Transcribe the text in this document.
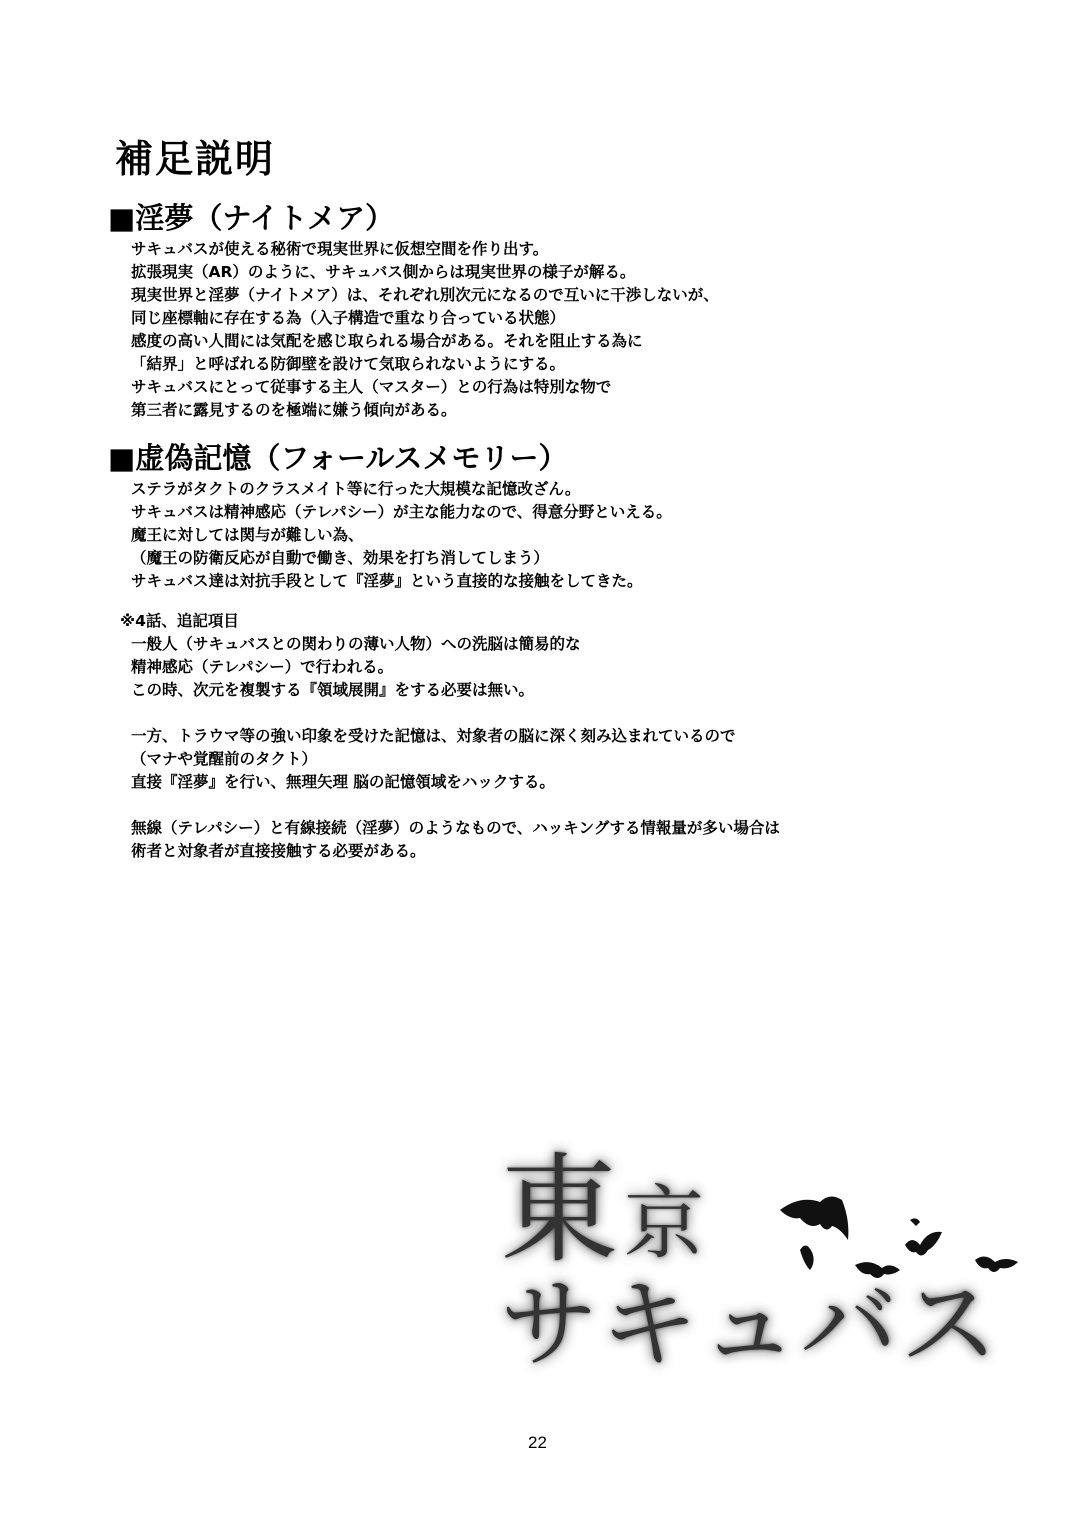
補足説明
■淫夢（ナイトメア）
サキュバスが使える秘術で現実世界に仮想空間を作り出す。
拡張現実（AR）のように、サキュバス側からは現実世界の様子が解る。
現実世界と淫夢（ナイトメア）は、それぞれ別次元になるので互いに干渉しないが、
同じ座標軸に存在する為（入子構造で重なり合っている状態）
感度の高い人間には気配を感じ取られる場合がある。それを阻止する為に
「結界」と呼ばれる防御壁を設けて気取られないようにする。
サキュバスにとって従事する主人（マスター）との行為は特別な物で
第三者に露見するのを極端に嫌う傾向がある。
■虚偽記憶（フォールスメモリー）
ステラがタクトのクラスメイト等に行った大規模な記憶改ざん。
サキュバスは精神感応（テレパシー）が主な能力なので、得意分野といえる。
魔王に対しては関与が難しい為、
（魔王の防衛反応が自動で働き、効果を打ち消してしまう）
サキュバス達は対抗手段として『淫夢』という直接的な接触をしてきた。

※4話、追記項目

一般人（サキュバスとの関わりの薄い人物）への洗脳は簡易的な
精神感応（テレパシー）で行われる。
この時、次元を複製する『領域展開』をする必要は無い。
一方、トラウマ等の強い印象を受けた記憶は、対象者の脳に深く刻み込まれているので
（マナや覚醒前のタクト）
直接『淫夢』を行い、無理矢理 脳の記憶領域をハックする。
無線（テレパシー）と有線接続（淫夢）のようなもので、ハッキングする情報量が多い場合は
術者と対象者が直接接触する必要がある。
東京
サキュバス
22
